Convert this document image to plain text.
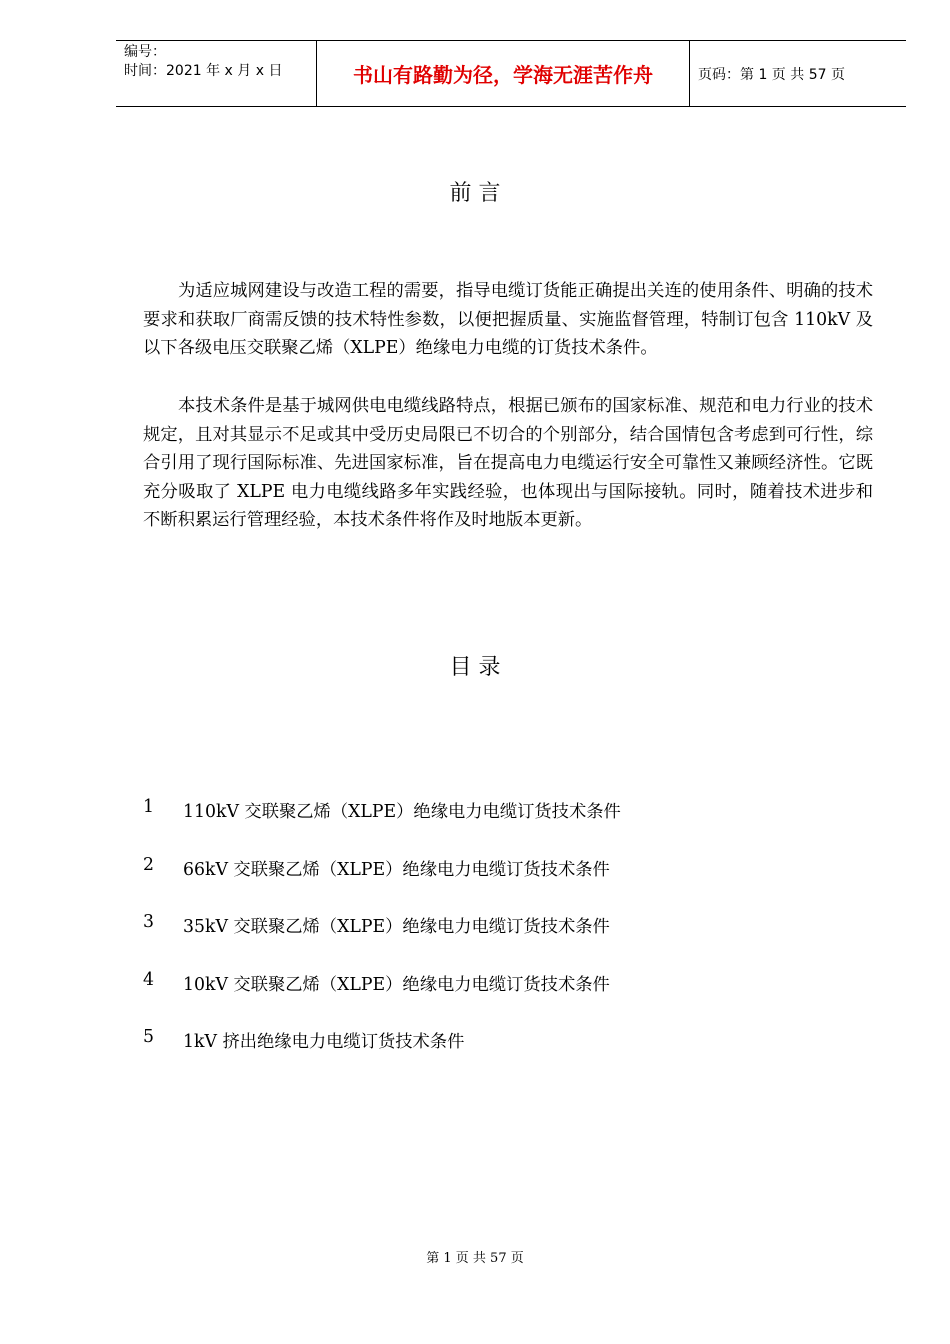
编号：
时间：2021 年 x 月 x 日	书山有路勤为径，学海无涯苦作舟	页码：第 1 页 共 57 页
前 言

为适应城网建设与改造工程的需要，指导电缆订货能正确提出关连的使用条件、明确的技术要求和获取厂商需反馈的技术特性参数，以便把握质量、实施监督管理，特制订包含 110kV 及以下各级电压交联聚乙烯（XLPE）绝缘电力电缆的订货技术条件。

本技术条件是基于城网供电电缆线路特点，根据已颁布的国家标准、规范和电力行业的技术规定，且对其显示不足或其中受历史局限已不切合的个别部分，结合国情包含考虑到可行性，综合引用了现行国际标准、先进国家标准，旨在提高电力电缆运行安全可靠性又兼顾经济性。它既充分吸取了 XLPE 电力电缆线路多年实践经验，也体现出与国际接轨。同时，随着技术进步和不断积累运行管理经验，本技术条件将作及时地版本更新。

目 录
1	110kV 交联聚乙烯（XLPE）绝缘电力电缆订货技术条件
2	66kV 交联聚乙烯（XLPE）绝缘电力电缆订货技术条件
3	35kV 交联聚乙烯（XLPE）绝缘电力电缆订货技术条件
4	10kV 交联聚乙烯（XLPE）绝缘电力电缆订货技术条件
5	1kV 挤出绝缘电力电缆订货技术条件
第 1 页 共 57 页
